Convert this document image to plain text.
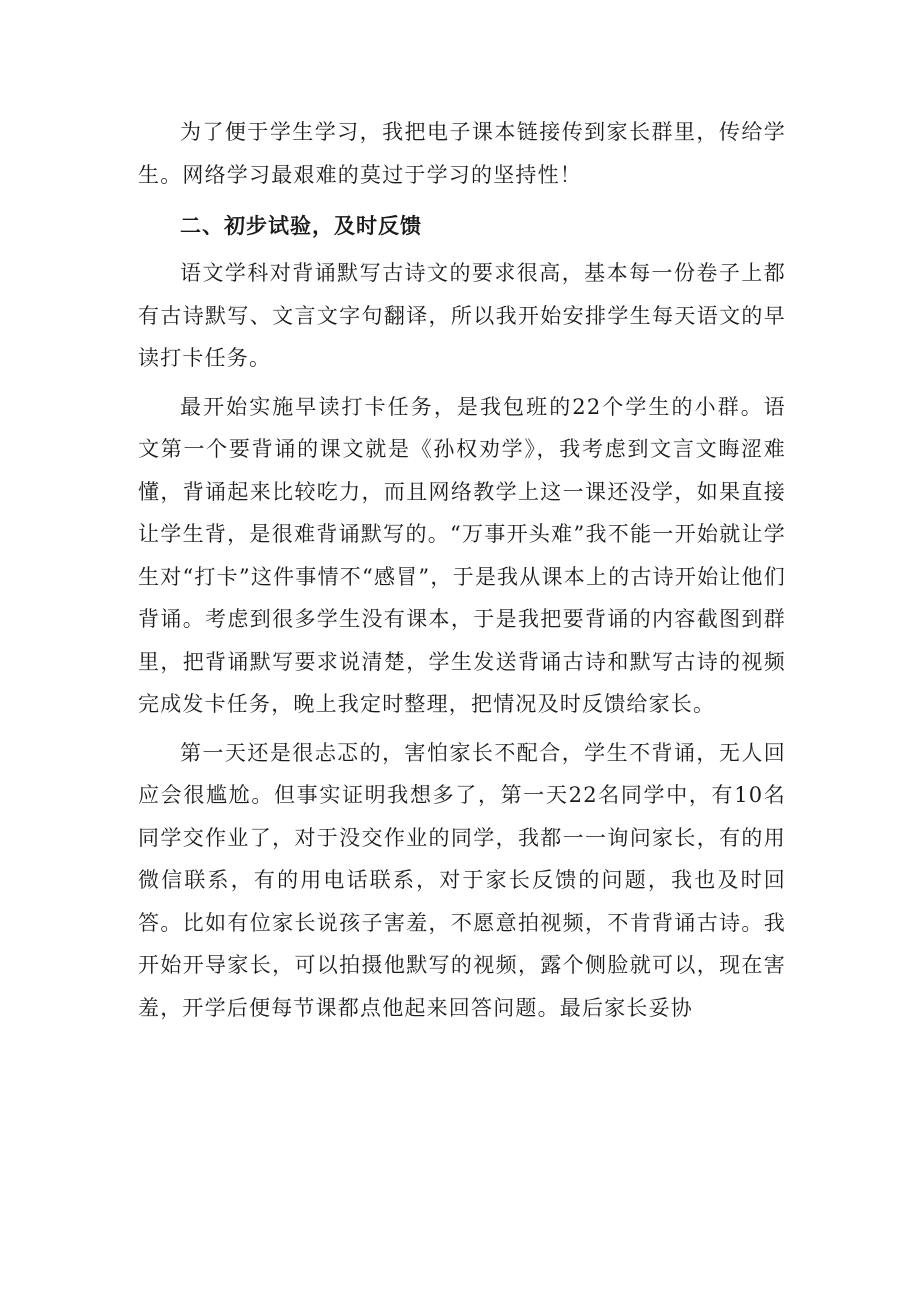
为了便于学生学习，我把电子课本链接传到家长群里，传给学生。网络学习最艰难的莫过于学习的坚持性！

二、初步试验，及时反馈

语文学科对背诵默写古诗文的要求很高，基本每一份卷子上都有古诗默写、文言文字句翻译，所以我开始安排学生每天语文的早读打卡任务。

最开始实施早读打卡任务，是我包班的22个学生的小群。语文第一个要背诵的课文就是《孙权劝学》，我考虑到文言文晦涩难懂，背诵起来比较吃力，而且网络教学上这一课还没学，如果直接让学生背，是很难背诵默写的。“万事开头难”我不能一开始就让学生对“打卡”这件事情不“感冒”，于是我从课本上的古诗开始让他们背诵。考虑到很多学生没有课本，于是我把要背诵的内容截图到群里，把背诵默写要求说清楚，学生发送背诵古诗和默写古诗的视频完成发卡任务，晚上我定时整理，把情况及时反馈给家长。

第一天还是很忐忑的，害怕家长不配合，学生不背诵，无人回应会很尴尬。但事实证明我想多了，第一天22名同学中，有10名同学交作业了，对于没交作业的同学，我都一一询问家长，有的用微信联系，有的用电话联系，对于家长反馈的问题，我也及时回答。比如有位家长说孩子害羞，不愿意拍视频，不肯背诵古诗。我开始开导家长，可以拍摄他默写的视频，露个侧脸就可以，现在害羞，开学后便每节课都点他起来回答问题。最后家长妥协
